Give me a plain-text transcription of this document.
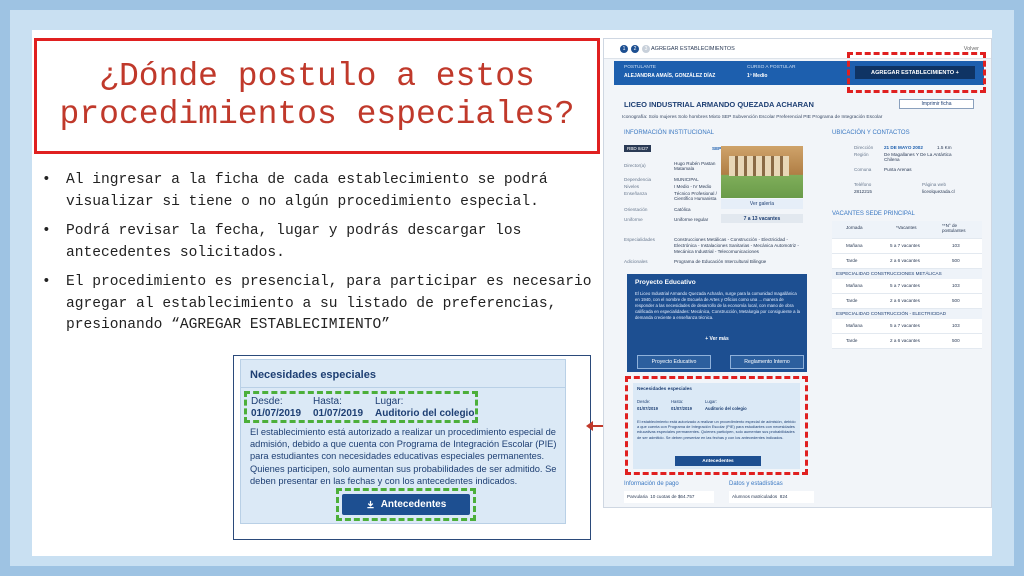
¿Dónde postulo a estos
procedimientos especiales?
• Al ingresar a la ficha de cada establecimiento se podrá visualizar si tiene o no algún procedimiento especial.
• Podrá revisar la fecha, lugar y podrás descargar los antecedentes solicitados.
• El procedimiento es presencial, para participar es necesario agregar al establecimiento a su listado de preferencias, presionando “AGREGAR ESTABLECIMIENTO”
Necesidades especiales
Desde:	Hasta:	Lugar:
01/07/2019 01/07/2019 Auditorio del colegio
El establecimiento está autorizado a realizar un procedimiento especial de admisión, debido a que cuenta con Programa de Integración Escolar (PIE) para estudiantes con necesidades educativas especiales permanentes. Quienes participen, solo aumentan sus probabilidades de ser admitido. Se deben presentar en las fechas y con los antecedentes indicados.
Antecedentes
1	2	3 AGREGAR ESTABLECIMIENTOS	Volver
POSTULANTE
ALEJANDRA AMAÍS, GONZÁLEZ DÍAZ
CURSO A POSTULAR
1º Medio
AGREGAR ESTABLECIMIENTO +
LICEO INDUSTRIAL ARMANDO QUEZADA ACHARAN	Imprimir ficha
Iconografía: Solo mujeres Solo hombres Mixto SEP Subvención Escolar Preferencial PIE Programa de Integración Escolar
INFORMACIÓN INSTITUCIONAL
RBD 8427	SEP
Director(a)	Hugo Rubén Pastan Matamala
Dependencia	MUNICIPAL
Niveles	I Medio - IV Medio
Enseñanza	Técnico Profesional / Científico Humanista
Orientación	Católica
Uniforme	Uniforme regular
Ver galería
7 a 13 vacantes
Especialidades	Construcciones Metálicas - Construcción - Electricidad - Electrónica - Instalaciones Sanitarias - Mecánica Automotriz - Mecánica Industrial - Telecomunicaciones
Adicionales	Programa de Educación Intercultural Bilingüe
Proyecto Educativo
El Liceo Industrial Armando Quezada Acharán, surge para la comunidad magallánica en 1940, con el nombre de Escuela de Artes y Oficios como una ... manera de responder a las necesidades de desarrollo de la economía local, con mano de obra calificada en especialidades: Mecánica, Construcción, Metalurgia por consiguiente a la demanda creciente a enseñanza técnica.
+ Ver más
Proyecto Educativo	Reglamento Interno
Necesidades especiales
Desde:	Hasta:	Lugar:
01/07/2019	01/07/2019	Auditorio del colegio
El establecimiento está autorizado a realizar un procedimiento especial de admisión, debido a que cuenta con Programa de Integración Escolar (PIE) para estudiantes con necesidades educativas especiales permanentes. Quienes participen, solo aumentan sus probabilidades de ser admitido. Se deben presentar en las fechas y con los antecedentes indicados.
Antecedentes
Información de pago	Datos y estadísticas
Parvularia 10 cuotas de $64.757	Alumnos matriculados 824
UBICACIÓN Y CONTACTOS
Dirección 21 DE MAYO 2002	1.5 Km
Región	De Magallanes Y De La Antártica Chilena
Comuna	Punta Arenas
Teléfono
2812215
Página web
liceolquezada.cl
VACANTES SEDE PRINCIPAL
Jornada	*Vacantes	**N° de postulantes
Mañana	5 a 7 vacantes	103
Tarde	2 a 6 vacantes	500
ESPECIALIDAD CONSTRUCCIONES METÁLICAS
Mañana	5 a 7 vacantes	103
Tarde	2 a 6 vacantes	500
ESPECIALIDAD CONSTRUCCIÓN - ELECTRICIDAD
Mañana	5 a 7 vacantes	103
Tarde	2 a 6 vacantes	500
